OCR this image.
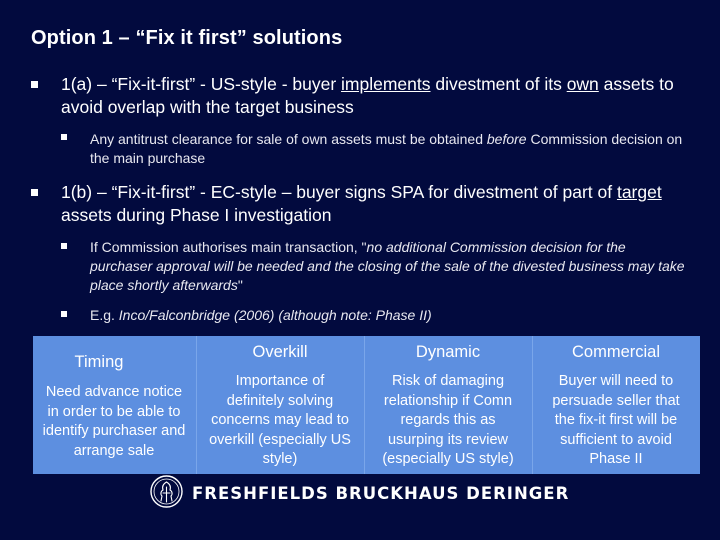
Option 1 – “Fix it first” solutions
1(a) – “Fix-it-first” - US-style - buyer implements divestment of its own assets to avoid overlap with the target business
Any antitrust clearance for sale of own assets must be obtained before Commission decision on the main purchase
1(b) – “Fix-it-first” - EC-style – buyer signs SPA for divestment of part of target assets during Phase I investigation
If Commission authorises main transaction, "no additional Commission decision for the purchaser approval will be needed and the closing of the sale of the divested business may take place shortly afterwards"
E.g. Inco/Falconbridge (2006) (although note: Phase II)
Timing
Need advance notice
in order to be able to
identify purchaser and
arrange sale
Overkill
Importance of
definitely solving
concerns may lead to
overkill (especially US
style)
Dynamic
Risk of damaging
relationship if Comn
regards this as
usurping its review
(especially US style)
Commercial
Buyer will need to
persuade seller that
the fix-it first will be
sufficient to avoid
Phase II
FRESHFIELDS BRUCKHAUS DERINGER
